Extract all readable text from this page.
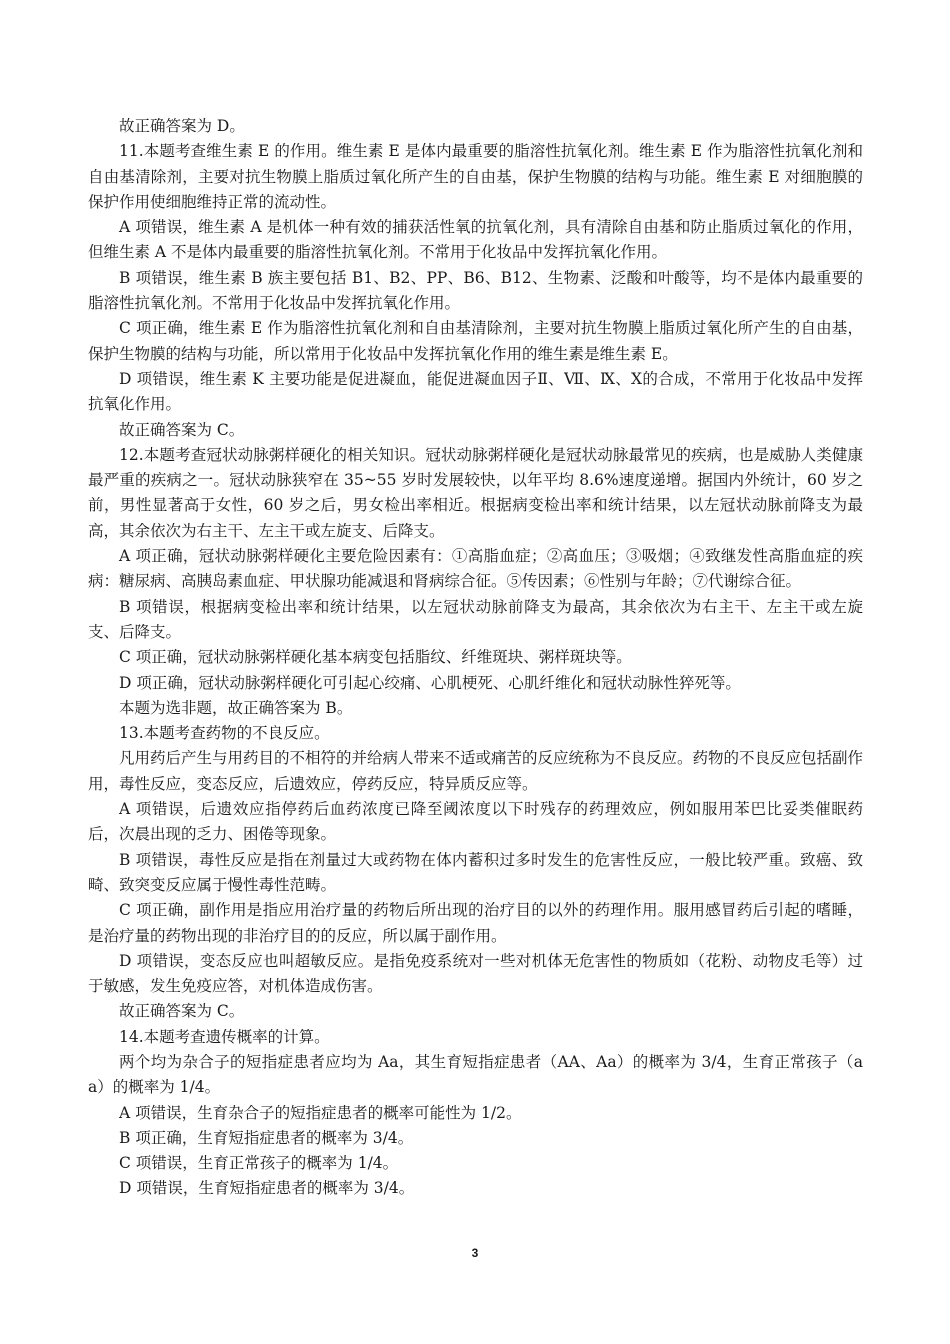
故正确答案为 D。

11.本题考查维生素 E 的作用。维生素 E 是体内最重要的脂溶性抗氧化剂。维生素 E 作为脂溶性抗氧化剂和自由基清除剂，主要对抗生物膜上脂质过氧化所产生的自由基，保护生物膜的结构与功能。维生素 E 对细胞膜的保护作用使细胞维持正常的流动性。

A 项错误，维生素 A 是机体一种有效的捕获活性氧的抗氧化剂，具有清除自由基和防止脂质过氧化的作用，但维生素 A 不是体内最重要的脂溶性抗氧化剂。不常用于化妆品中发挥抗氧化作用。

B 项错误，维生素 B 族主要包括 B1、B2、PP、B6、B12、生物素、泛酸和叶酸等，均不是体内最重要的脂溶性抗氧化剂。不常用于化妆品中发挥抗氧化作用。

C 项正确，维生素 E 作为脂溶性抗氧化剂和自由基清除剂，主要对抗生物膜上脂质过氧化所产生的自由基，保护生物膜的结构与功能，所以常用于化妆品中发挥抗氧化作用的维生素是维生素 E。

D 项错误，维生素 K 主要功能是促进凝血，能促进凝血因子Ⅱ、Ⅶ、Ⅸ、Ⅹ的合成，不常用于化妆品中发挥抗氧化作用。

故正确答案为 C。

12.本题考查冠状动脉粥样硬化的相关知识。冠状动脉粥样硬化是冠状动脉最常见的疾病，也是威胁人类健康最严重的疾病之一。冠状动脉狭窄在 35~55 岁时发展较快，以年平均 8.6%速度递增。据国内外统计，60 岁之前，男性显著高于女性，60 岁之后，男女检出率相近。根据病变检出率和统计结果，以左冠状动脉前降支为最高，其余依次为右主干、左主干或左旋支、后降支。

A 项正确，冠状动脉粥样硬化主要危险因素有：①高脂血症；②高血压；③吸烟；④致继发性高脂血症的疾病：糖尿病、高胰岛素血症、甲状腺功能减退和肾病综合征。⑤传因素；⑥性别与年龄；⑦代谢综合征。

B 项错误，根据病变检出率和统计结果，以左冠状动脉前降支为最高，其余依次为右主干、左主干或左旋支、后降支。

C 项正确，冠状动脉粥样硬化基本病变包括脂纹、纤维斑块、粥样斑块等。

D 项正确，冠状动脉粥样硬化可引起心绞痛、心肌梗死、心肌纤维化和冠状动脉性猝死等。

本题为选非题，故正确答案为 B。

13.本题考查药物的不良反应。

凡用药后产生与用药目的不相符的并给病人带来不适或痛苦的反应统称为不良反应。药物的不良反应包括副作用，毒性反应，变态反应，后遗效应，停药反应，特异质反应等。

A 项错误，后遗效应指停药后血药浓度已降至阈浓度以下时残存的药理效应，例如服用苯巴比妥类催眠药后，次晨出现的乏力、困倦等现象。

B 项错误，毒性反应是指在剂量过大或药物在体内蓄积过多时发生的危害性反应，一般比较严重。致癌、致畸、致突变反应属于慢性毒性范畴。

C 项正确，副作用是指应用治疗量的药物后所出现的治疗目的以外的药理作用。服用感冒药后引起的嗜睡，是治疗量的药物出现的非治疗目的的反应，所以属于副作用。

D 项错误，变态反应也叫超敏反应。是指免疫系统对一些对机体无危害性的物质如（花粉、动物皮毛等）过于敏感，发生免疫应答，对机体造成伤害。

故正确答案为 C。

14.本题考查遗传概率的计算。

两个均为杂合子的短指症患者应均为 Aa，其生育短指症患者（AA、Aa）的概率为 3/4，生育正常孩子（aa）的概率为 1/4。

A 项错误，生育杂合子的短指症患者的概率可能性为 1/2。

B 项正确，生育短指症患者的概率为 3/4。

C 项错误，生育正常孩子的概率为 1/4。

D 项错误，生育短指症患者的概率为 3/4。

3
